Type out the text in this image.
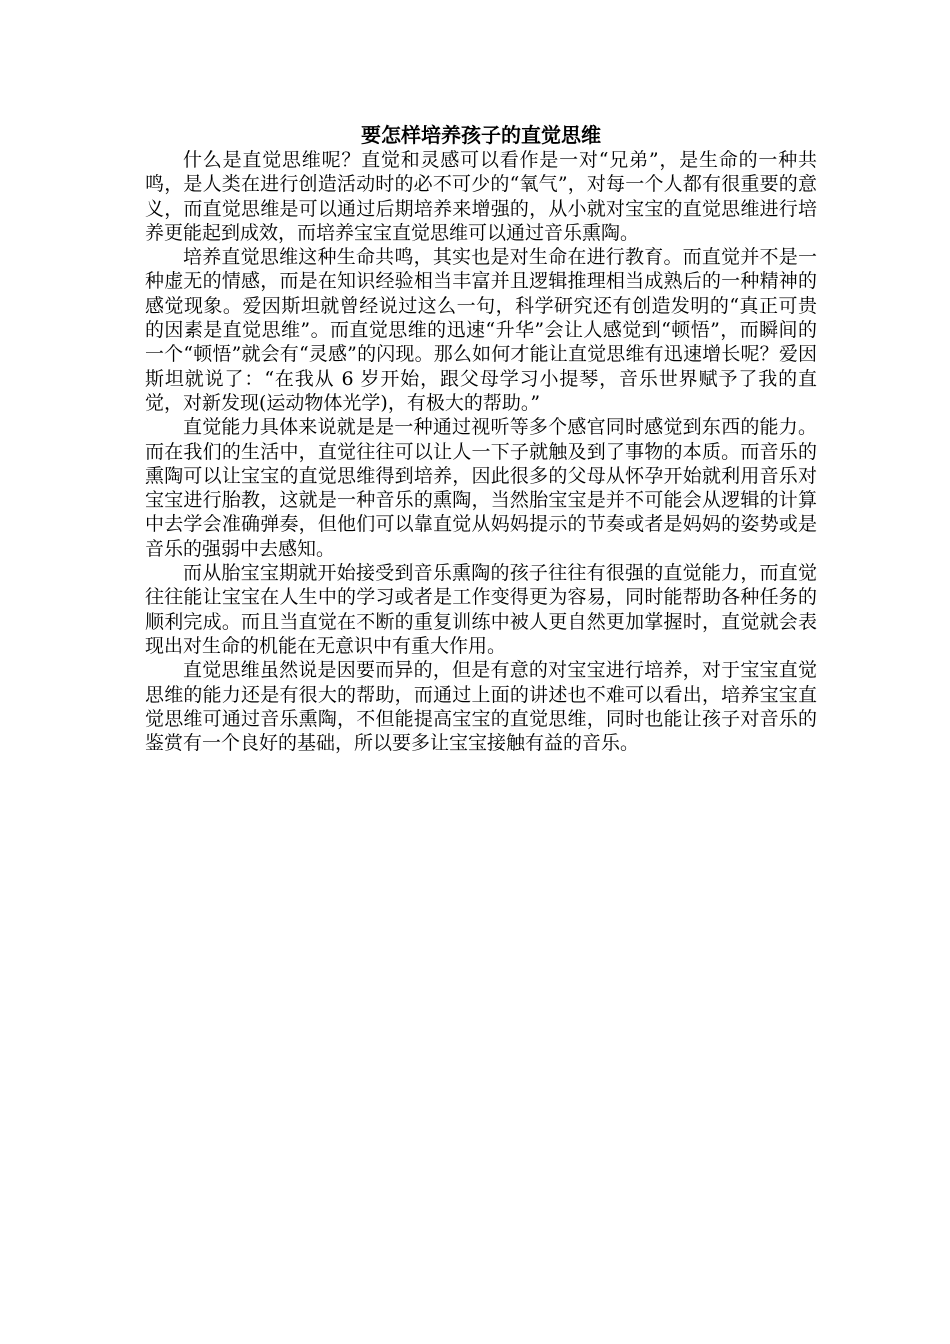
要怎样培养孩子的直觉思维

什么是直觉思维呢？直觉和灵感可以看作是一对“兄弟”，是生命的一种共鸣，是人类在进行创造活动时的必不可少的“氧气”，对每一个人都有很重要的意义，而直觉思维是可以通过后期培养来增强的，从小就对宝宝的直觉思维进行培养更能起到成效，而培养宝宝直觉思维可以通过音乐熏陶。

培养直觉思维这种生命共鸣，其实也是对生命在进行教育。而直觉并不是一种虚无的情感，而是在知识经验相当丰富并且逻辑推理相当成熟后的一种精神的感觉现象。爱因斯坦就曾经说过这么一句，科学研究还有创造发明的“真正可贵的因素是直觉思维”。而直觉思维的迅速“升华”会让人感觉到“顿悟”，而瞬间的一个“顿悟”就会有“灵感”的闪现。那么如何才能让直觉思维有迅速增长呢？爱因斯坦就说了：“在我从 6 岁开始，跟父母学习小提琴，音乐世界赋予了我的直觉，对新发现(运动物体光学)，有极大的帮助。”

直觉能力具体来说就是是一种通过视听等多个感官同时感觉到东西的能力。而在我们的生活中，直觉往往可以让人一下子就触及到了事物的本质。而音乐的熏陶可以让宝宝的直觉思维得到培养，因此很多的父母从怀孕开始就利用音乐对宝宝进行胎教，这就是一种音乐的熏陶，当然胎宝宝是并不可能会从逻辑的计算中去学会准确弹奏，但他们可以靠直觉从妈妈提示的节奏或者是妈妈的姿势或是音乐的强弱中去感知。

而从胎宝宝期就开始接受到音乐熏陶的孩子往往有很强的直觉能力，而直觉往往能让宝宝在人生中的学习或者是工作变得更为容易，同时能帮助各种任务的顺利完成。而且当直觉在不断的重复训练中被人更自然更加掌握时，直觉就会表现出对生命的机能在无意识中有重大作用。

直觉思维虽然说是因要而异的，但是有意的对宝宝进行培养，对于宝宝直觉思维的能力还是有很大的帮助，而通过上面的讲述也不难可以看出，培养宝宝直觉思维可通过音乐熏陶，不但能提高宝宝的直觉思维，同时也能让孩子对音乐的鉴赏有一个良好的基础，所以要多让宝宝接触有益的音乐。
